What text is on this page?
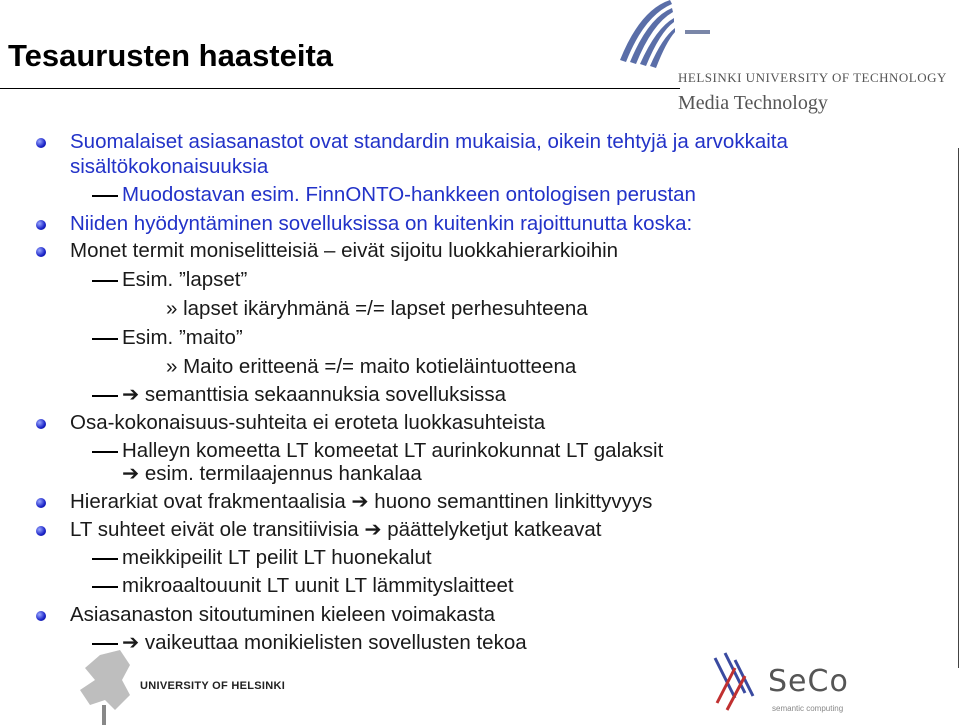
Tesaurusten haasteita
HELSINKI UNIVERSITY OF TECHNOLOGY
Media Technology
Suomalaiset asiasanastot ovat standardin mukaisia, oikein tehtyjä ja arvokkaita
sisältökokonaisuuksia
Muodostavan esim. FinnONTO-hankkeen ontologisen perustan
Niiden hyödyntäminen sovelluksissa on kuitenkin rajoittunutta koska:
Monet termit moniselitteisiä – eivät sijoitu luokkahierarkioihin
Esim. ”lapset”
» lapset ikäryhmänä =/= lapset perhesuhteena
Esim. ”maito”
» Maito eritteenä =/= maito kotieläintuotteena
➔ semanttisia sekaannuksia sovelluksissa
Osa-kokonaisuus-suhteita ei eroteta luokkasuhteista
Halleyn komeetta LT komeetat LT aurinkokunnat LT galaksit
➔ esim. termilaajennus hankalaa
Hierarkiat ovat frakmentaalisia ➔ huono semanttinen linkittyvyys
LT suhteet eivät ole transitiivisia ➔ päättelyketjut katkeavat
meikkipeilit LT peilit LT huonekalut
mikroaaltouunit LT uunit LT lämmityslaitteet
Asiasanaston sitoutuminen kieleen voimakasta
➔ vaikeuttaa monikielisten sovellusten tekoa
UNIVERSITY OF HELSINKI	SeCo
semantic computing
